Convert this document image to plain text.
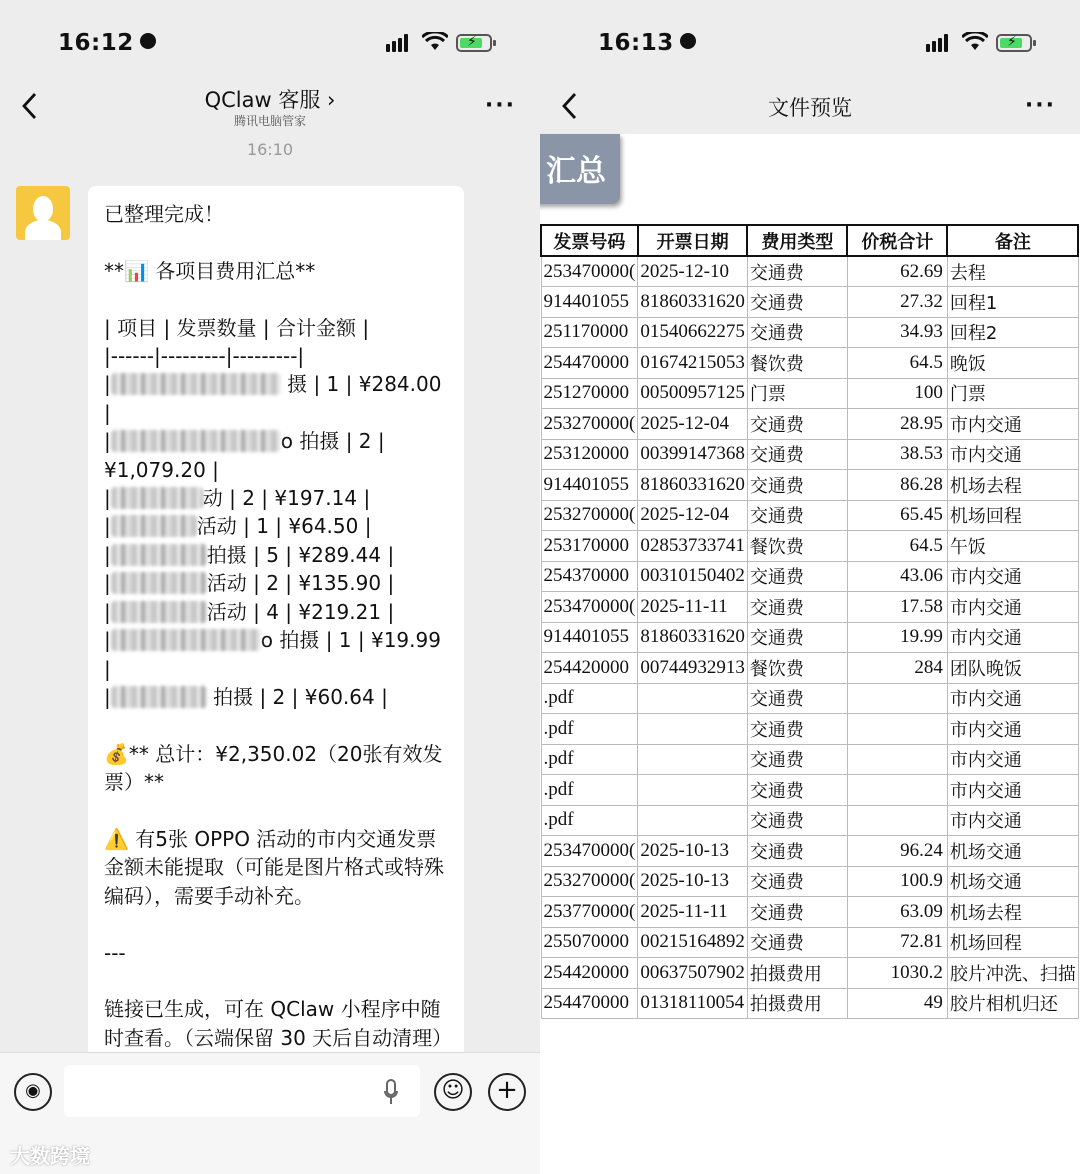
16:12	⚡
QClaw 客服 ›
腾讯电脑管家
···
16:10

已整理完成！

**📊 各项目费用汇总**

| 项目 | 发票数量 | 合计金额 |

|------|---------|---------|

|	摄 | 1 | ¥284.00 |

|	o 拍摄 | 2 | ¥1,079.20 |

|	动 | 2 | ¥197.14 |

|	活动 | 1 | ¥64.50 |

|	拍摄 | 5 | ¥289.44 |

|	活动 | 2 | ¥135.90 |

|	活动 | 4 | ¥219.21 |

|	o 拍摄 | 1 | ¥19.99 |

|	拍摄 | 2 | ¥60.64 |

💰** 总计：¥2,350.02（20张有效发票）**

⚠️ 有5张 OPPO 活动的市内交通发票金额未能提取（可能是图片格式或特殊编码），需要手动补充。

---

链接已生成，可在 QClaw 小程序中随时查看。（云端保留 30 天后自动清理）

◉	☺	+
大数跨境
16:13	⚡
文件预览	···
汇总
发票号码	开票日期	费用类型	价税合计	备注
253470000(	2025-12-10	交通费	62.69	去程
914401055	81860331620	交通费	27.32	回程1
251170000	01540662275	交通费	34.93	回程2
254470000	01674215053	餐饮费	64.5	晚饭
251270000	00500957125	门票	100	门票
253270000(	2025-12-04	交通费	28.95	市内交通
253120000	00399147368	交通费	38.53	市内交通
914401055	81860331620	交通费	86.28	机场去程
253270000(	2025-12-04	交通费	65.45	机场回程
253170000	02853733741	餐饮费	64.5	午饭
254370000	00310150402	交通费	43.06	市内交通
253470000(	2025-11-11	交通费	17.58	市内交通
914401055	81860331620	交通费	19.99	市内交通
254420000	00744932913	餐饮费	284	团队晚饭
.pdf		交通费		市内交通
.pdf		交通费		市内交通
.pdf		交通费		市内交通
.pdf		交通费		市内交通
.pdf		交通费		市内交通
253470000(	2025-10-13	交通费	96.24	机场交通
253270000(	2025-10-13	交通费	100.9	机场交通
253770000(	2025-11-11	交通费	63.09	机场去程
255070000	00215164892	交通费	72.81	机场回程
254420000	00637507902	拍摄费用	1030.2	胶片冲洗、扫描
254470000	01318110054	拍摄费用	49	胶片相机归还
